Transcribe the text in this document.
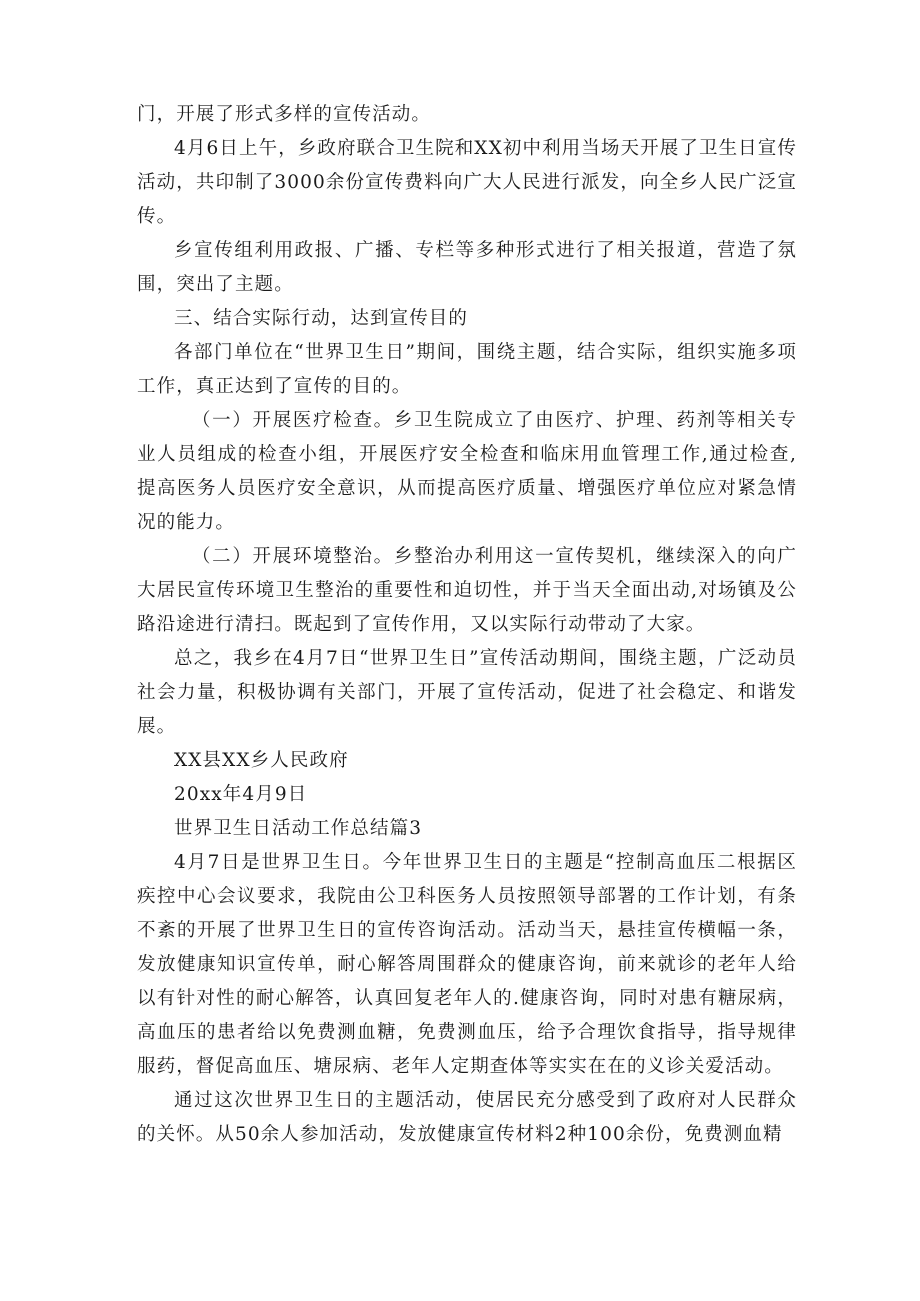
门，开展了形式多样的宣传活动。

4月6日上午，乡政府联合卫生院和XX初中利用当场天开展了卫生日宣传活动，共印制了3000余份宣传费料向广大人民进行派发，向全乡人民广泛宣传。

乡宣传组利用政报、广播、专栏等多种形式进行了相关报道，营造了氛围，突出了主题。

三、结合实际行动，达到宣传目的

各部门单位在“世界卫生日”期间，围绕主题，结合实际，组织实施多项工作，真正达到了宣传的目的。

（一）开展医疗检查。乡卫生院成立了由医疗、护理、药剂等相关专业人员组成的检查小组，开展医疗安全检查和临床用血管理工作,通过检查,提高医务人员医疗安全意识，从而提高医疗质量、增强医疗单位应对紧急情况的能力。

（二）开展环境整治。乡整治办利用这一宣传契机，继续深入的向广大居民宣传环境卫生整治的重要性和迫切性，并于当天全面出动,对场镇及公路沿途进行清扫。既起到了宣传作用，又以实际行动带动了大家。

总之，我乡在4月7日“世界卫生日”宣传活动期间，围绕主题，广泛动员社会力量，积极协调有关部门，开展了宣传活动，促进了社会稳定、和谐发展。

XX县XX乡人民政府

20xx年4月9日

世界卫生日活动工作总结篇3

4月7日是世界卫生日。今年世界卫生日的主题是“控制高血压二根据区疾控中心会议要求，我院由公卫科医务人员按照领导部署的工作计划，有条不紊的开展了世界卫生日的宣传咨询活动。活动当天，悬挂宣传横幅一条，发放健康知识宣传单，耐心解答周围群众的健康咨询，前来就诊的老年人给以有针对性的耐心解答，认真回复老年人的.健康咨询，同时对患有糖尿病，高血压的患者给以免费测血糖，免费测血压，给予合理饮食指导，指导规律服药，督促高血压、塘尿病、老年人定期查体等实实在在的义诊关爱活动。

通过这次世界卫生日的主题活动，使居民充分感受到了政府对人民群众的关怀。从50余人参加活动，发放健康宣传材料2种100余份，免费测血精
